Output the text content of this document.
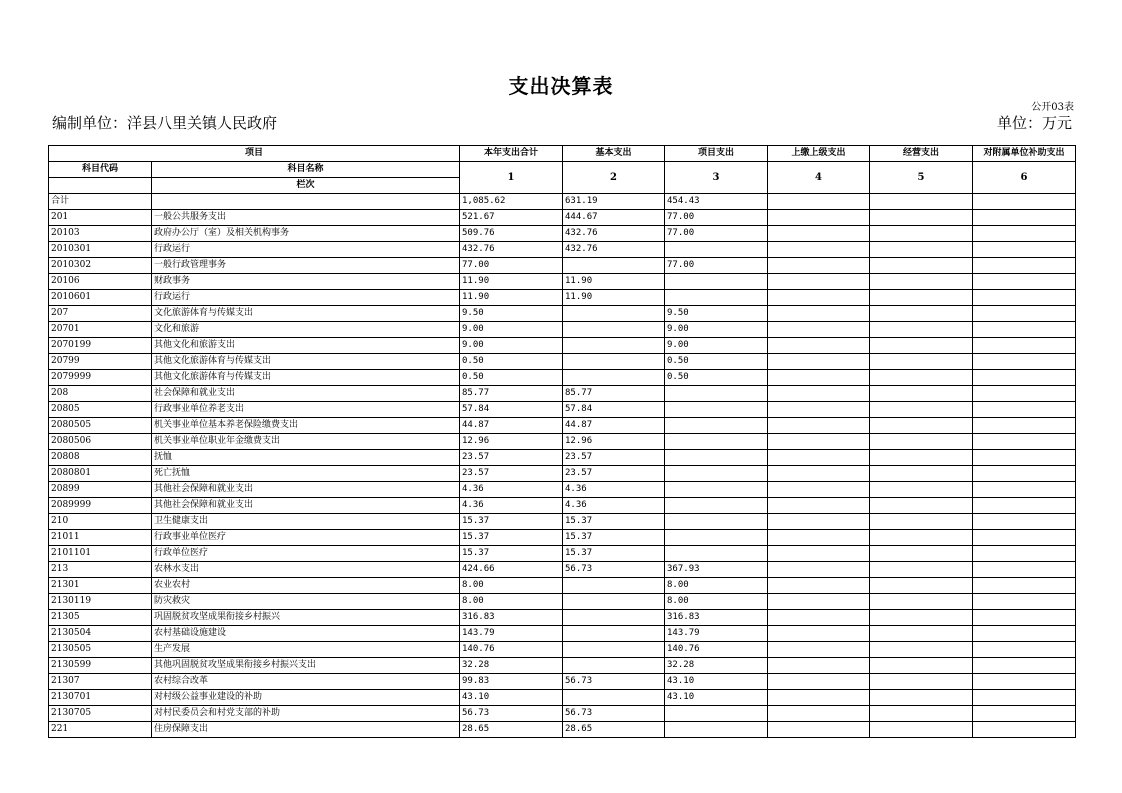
支出决算表
公开03表
编制单位：洋县八里关镇人民政府	单位：万元
项目		本年支出合计	基本支出	项目支出	上缴上级支出	经营支出	对附属单位补助支出
科目代码	科目名称	1	2	3	4	5	6
	栏次						
合计		1,085.62	631.19	454.43			
201	一般公共服务支出	521.67	444.67	77.00			
20103	政府办公厅（室）及相关机构事务	509.76	432.76	77.00			
2010301	行政运行	432.76	432.76				
2010302	一般行政管理事务	77.00		77.00			
20106	财政事务	11.90	11.90				
2010601	行政运行	11.90	11.90				
207	文化旅游体育与传媒支出	9.50		9.50			
20701	文化和旅游	9.00		9.00			
2070199	其他文化和旅游支出	9.00		9.00			
20799	其他文化旅游体育与传媒支出	0.50		0.50			
2079999	其他文化旅游体育与传媒支出	0.50		0.50			
208	社会保障和就业支出	85.77	85.77				
20805	行政事业单位养老支出	57.84	57.84				
2080505	机关事业单位基本养老保险缴费支出	44.87	44.87				
2080506	机关事业单位职业年金缴费支出	12.96	12.96				
20808	抚恤	23.57	23.57				
2080801	死亡抚恤	23.57	23.57				
20899	其他社会保障和就业支出	4.36	4.36				
2089999	其他社会保障和就业支出	4.36	4.36				
210	卫生健康支出	15.37	15.37				
21011	行政事业单位医疗	15.37	15.37				
2101101	行政单位医疗	15.37	15.37				
213	农林水支出	424.66	56.73	367.93			
21301	农业农村	8.00		8.00			
2130119	防灾救灾	8.00		8.00			
21305	巩固脱贫攻坚成果衔接乡村振兴	316.83		316.83			
2130504	农村基础设施建设	143.79		143.79			
2130505	生产发展	140.76		140.76			
2130599	其他巩固脱贫攻坚成果衔接乡村振兴支出	32.28		32.28			
21307	农村综合改革	99.83	56.73	43.10			
2130701	对村级公益事业建设的补助	43.10		43.10			
2130705	对村民委员会和村党支部的补助	56.73	56.73				
221	住房保障支出	28.65	28.65				
